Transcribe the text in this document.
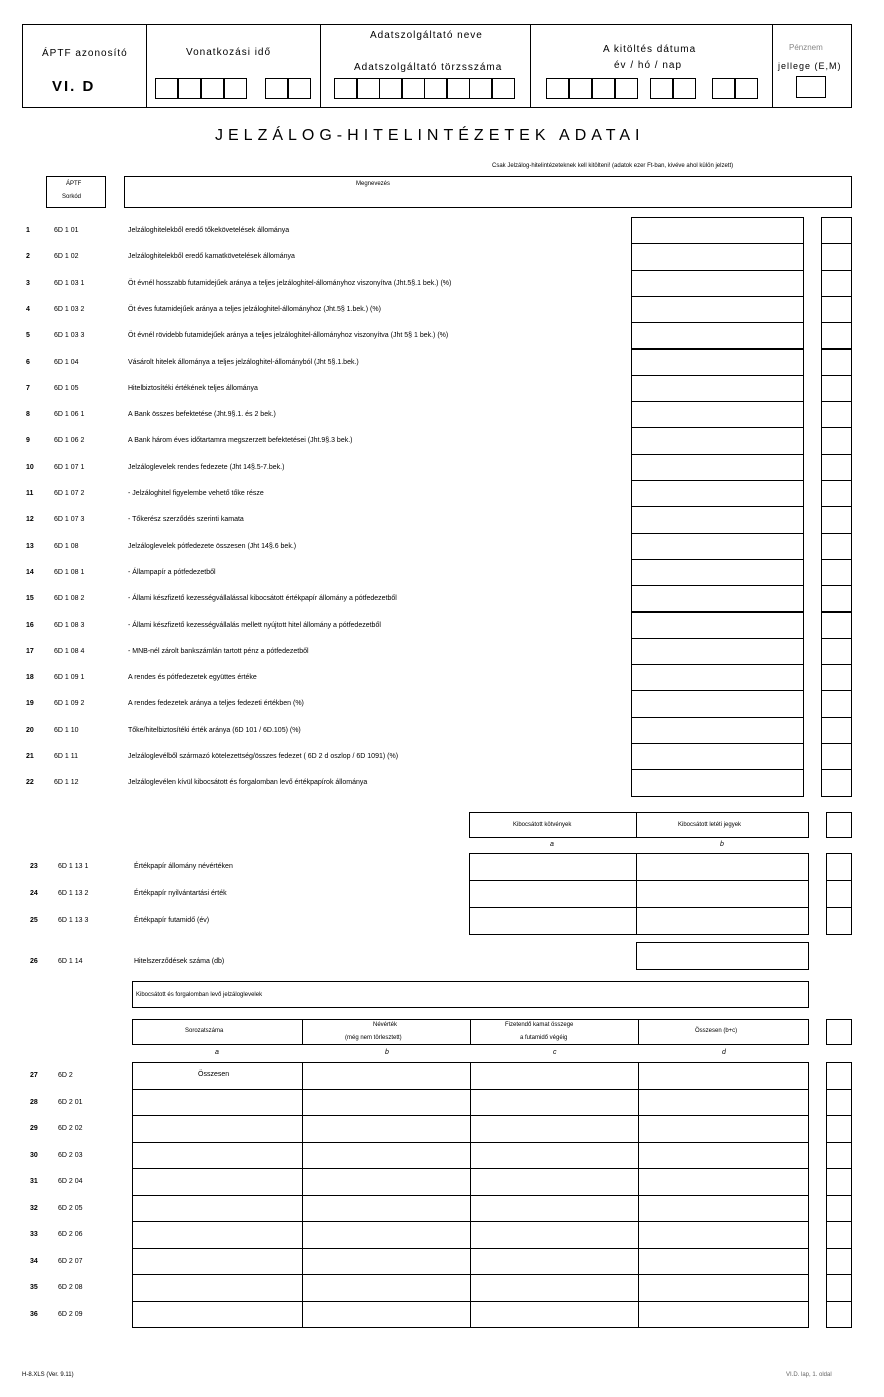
ÁPTF azonosító
VI. D
Vonatkozási idő
Adatszolgáltató neve
Adatszolgáltató törzsszáma
A kitöltés dátuma
év / hó / nap
Pénznem
jellege (E,M)
JELZÁLOG-HITELINTÉZETEK ADATAI
Csak Jelzálog-hitelintézeteknek kell kitölteni! (adatok ezer Ft-ban, kivéve ahol külön jelzett)
ÁPTF
Sorkód
Megnevezés
1	6D 1 01	Jelzáloghitelekből eredő tőkekövetelések állománya
2	6D 1 02	Jelzáloghitelekből eredő kamatkövetelések állománya
3	6D 1 03 1	Öt évnél hosszabb futamidejűek aránya a teljes jelzáloghitel-állományhoz viszonyítva (Jht.5§.1 bek.) (%)
4	6D 1 03 2	Öt éves futamidejűek aránya a teljes jelzáloghitel-állományhoz (Jht.5§ 1.bek.) (%)
5	6D 1 03 3	Öt évnél rövidebb futamidejűek aránya a teljes jelzáloghitel-állományhoz viszonyítva (Jht 5§ 1 bek.) (%)
6	6D 1 04	Vásárolt hitelek állománya a teljes jelzáloghitel-állományból (Jht 5§.1.bek.)
7	6D 1 05	Hitelbiztosítéki értékének teljes állománya
8	6D 1 06 1	A Bank összes befektetése (Jht.9§.1. és 2 bek.)
9	6D 1 06 2	A Bank három éves időtartamra megszerzett befektetései (Jht.9§.3 bek.)
10	6D 1 07 1	Jelzáloglevelek rendes fedezete (Jht 14§.5-7.bek.)
11	6D 1 07 2	- Jelzáloghitel figyelembe vehető tőke része
12	6D 1 07 3	- Tőkerész szerződés szerinti kamata
13	6D 1 08	Jelzáloglevelek pótfedezete összesen (Jht 14§.6 bek.)
14	6D 1 08 1	- Állampapír a pótfedezetből
15	6D 1 08 2	- Állami készfizető kezességvállalással kibocsátott értékpapír állomány a pótfedezetből
16	6D 1 08 3	- Állami készfizető kezességvállalás mellett nyújtott hitel állomány a pótfedezetből
17	6D 1 08 4	- MNB-nél zárolt bankszámlán tartott pénz a pótfedezetből
18	6D 1 09 1	A rendes és pótfedezetek együttes értéke
19	6D 1 09 2	A rendes fedezetek aránya a teljes fedezeti értékben (%)
20	6D 1 10	Tőke/hitelbiztosítéki érték aránya (6D 101 / 6D.105) (%)
21	6D 1 11	Jelzáloglevélből származó kötelezettség/összes fedezet ( 6D 2 d oszlop / 6D 1091) (%)
22	6D 1 12	Jelzáloglevélen kívül kibocsátott és forgalomban levő értékpapírok állománya
Kibocsátott kötvények	Kibocsátott letéti jegyek
a	b
23	6D 1 13 1	Értékpapír állomány névértéken
24	6D 1 13 2	Értékpapír nyilvántartási érték
25	6D 1 13 3	Értékpapír futamidő (év)
26	6D 1 14	Hitelszerződések száma (db)
Kibocsátott és forgalomban levő jelzáloglevelek
Sorozatszáma
Névérték
(még nem törlesztett)
Fizetendő kamat összege
a futamidő végéig
Összesen (b+c)
a	b	c	d
27	6D 2	Összesen
28	6D 2 01
29	6D 2 02
30	6D 2 03
31	6D 2 04
32	6D 2 05
33	6D 2 06
34	6D 2 07
35	6D 2 08
36	6D 2 09
H-8.XLS (Ver. 9.11)	VI.D. lap, 1. oldal
